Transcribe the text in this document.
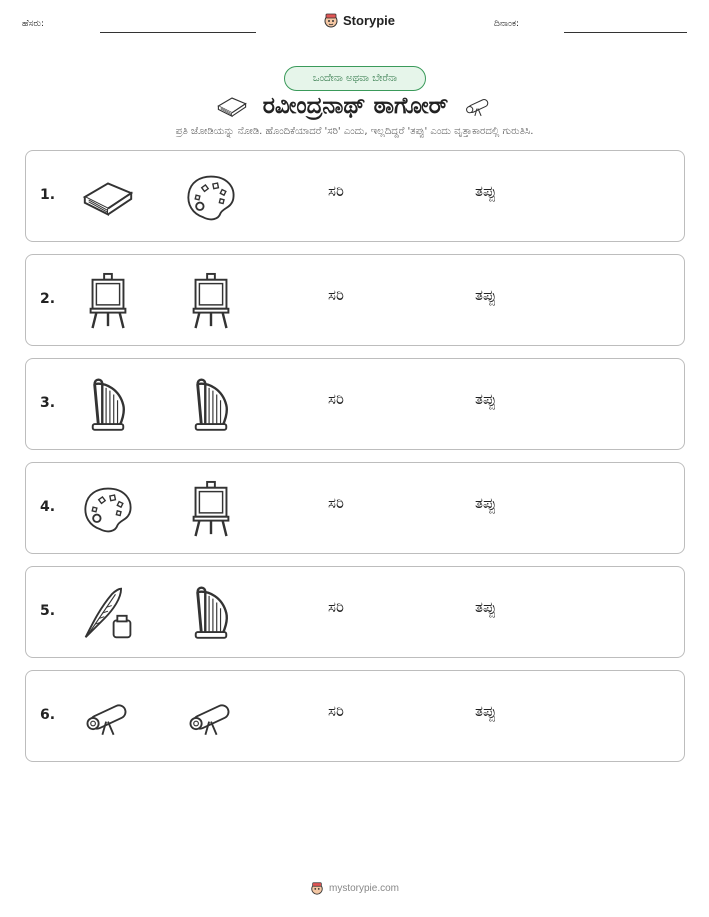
ಹೆಸರು:	Storypie	ದಿನಾಂಕ:
ಒಂದೇನಾ ಅಥವಾ ಬೇರೆನಾ
ರವೀಂದ್ರನಾಥ್ ಠಾಗೋರ್
ಪ್ರತಿ ಜೋಡಿಯನ್ನು ನೋಡಿ. ಹೊಂದಿಕೆಯಾದರೆ 'ಸರಿ' ಎಂದು, ಇಲ್ಲದಿದ್ದರೆ 'ತಪ್ಪು' ಎಂದು ವೃತ್ತಾಕಾರದಲ್ಲಿ ಗುರುತಿಸಿ.
1.	ಸರಿ	ತಪ್ಪು
2.	ಸರಿ	ತಪ್ಪು
3.	ಸರಿ	ತಪ್ಪು
4.	ಸರಿ	ತಪ್ಪು
5.	ಸರಿ	ತಪ್ಪು
6.	ಸರಿ	ತಪ್ಪು
mystorypie.com
